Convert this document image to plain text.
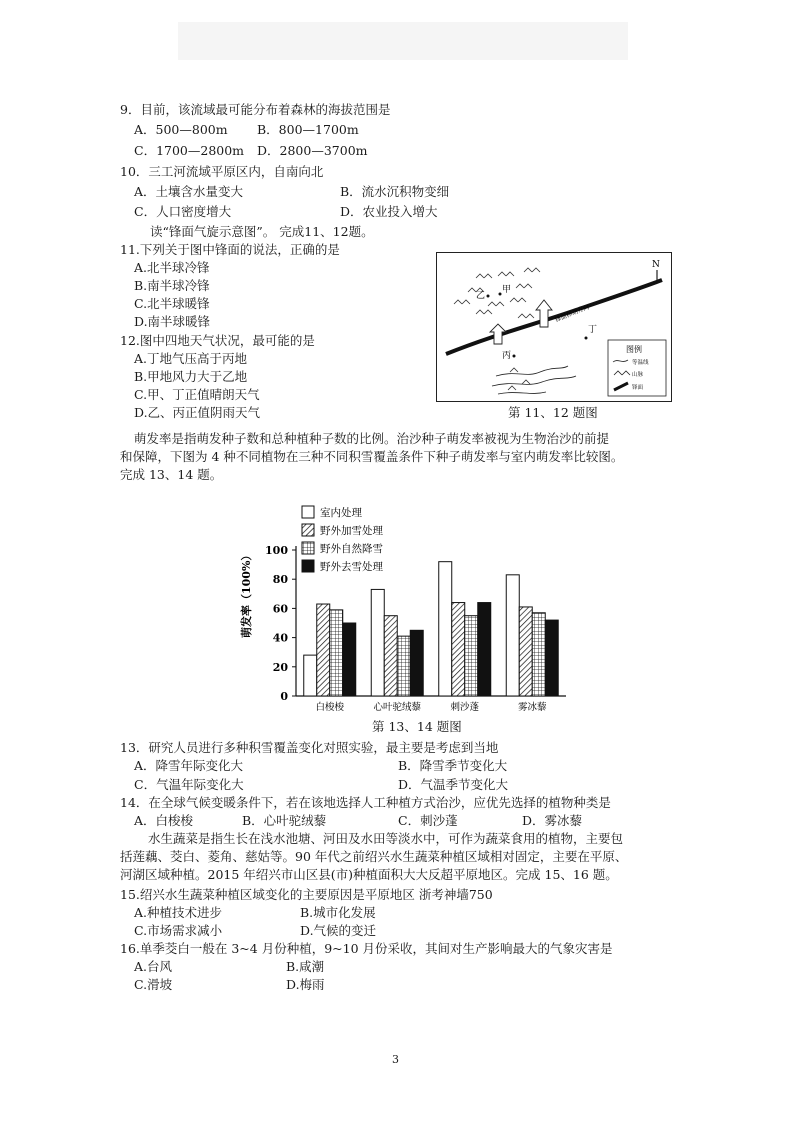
9．目前，该流域最可能分布着森林的海拔范围是
A．500—800m B．800—1700m
C．1700—2800m D．2800—3700m
10．三工河流域平原区内，自南向北
A．土壤含水量变大	B．流水沉积物变细
C．人口密度增大	D．农业投入增大
读“锋面气旋示意图”。 完成11、12题。
11.下列关于图中锋面的说法，正确的是
A.北半球冷锋
B.南半球冷锋
C.北半球暖锋
D.南半球暖锋
12.图中四地天气状况，最可能的是
A.丁地气压高于丙地
B.甲地风力大于乙地
C.甲、丁正值晴朗天气
D.乙、丙正值阴雨天气
N
乙
甲
锋面移动方向
丙
丁
图例
等温线
山脉
锋面
第 11、12 题图
萌发率是指萌发种子数和总种植种子数的比例。治沙种子萌发率被视为生物治沙的前提
和保障，下图为 4 种不同植物在三种不同积雪覆盖条件下种子萌发率与室内萌发率比较图。
完成 13、14 题。
萌发率（100%）
室内处理
野外加雪处理
野外自然降雪
野外去雪处理
0
20
40
60
80
100
白梭梭	心叶驼绒藜	刺沙蓬	雾冰藜
第 13、14 题图
13．研究人员进行多种积雪覆盖变化对照实验，最主要是考虑到当地
A．降雪年际变化大	B．降雪季节变化大
C．气温年际变化大	D．气温季节变化大
14．在全球气候变暖条件下，若在该地选择人工种植方式治沙，应优先选择的植物种类是
A．白梭梭	B．心叶驼绒藜	C．刺沙蓬	D．雾冰藜
水生蔬菜是指生长在浅水池塘、河田及水田等淡水中，可作为蔬菜食用的植物，主要包
括莲藕、茭白、菱角、慈姑等。90 年代之前绍兴水生蔬菜种植区域相对固定，主要在平原、
河湖区域种植。2015 年绍兴市山区县(市)种植面积大大反超平原地区。完成 15、16 题。
15.绍兴水生蔬菜种植区域变化的主要原因是平原地区 浙考神墙750
A.种植技术进步	B.城市化发展
C.市场需求减小	D.气候的变迁
16.单季茭白一般在 3~4 月份种植，9~10 月份采收，其间对生产影响最大的气象灾害是
A.台风	B.咸潮
C.滑坡	D.梅雨
3
